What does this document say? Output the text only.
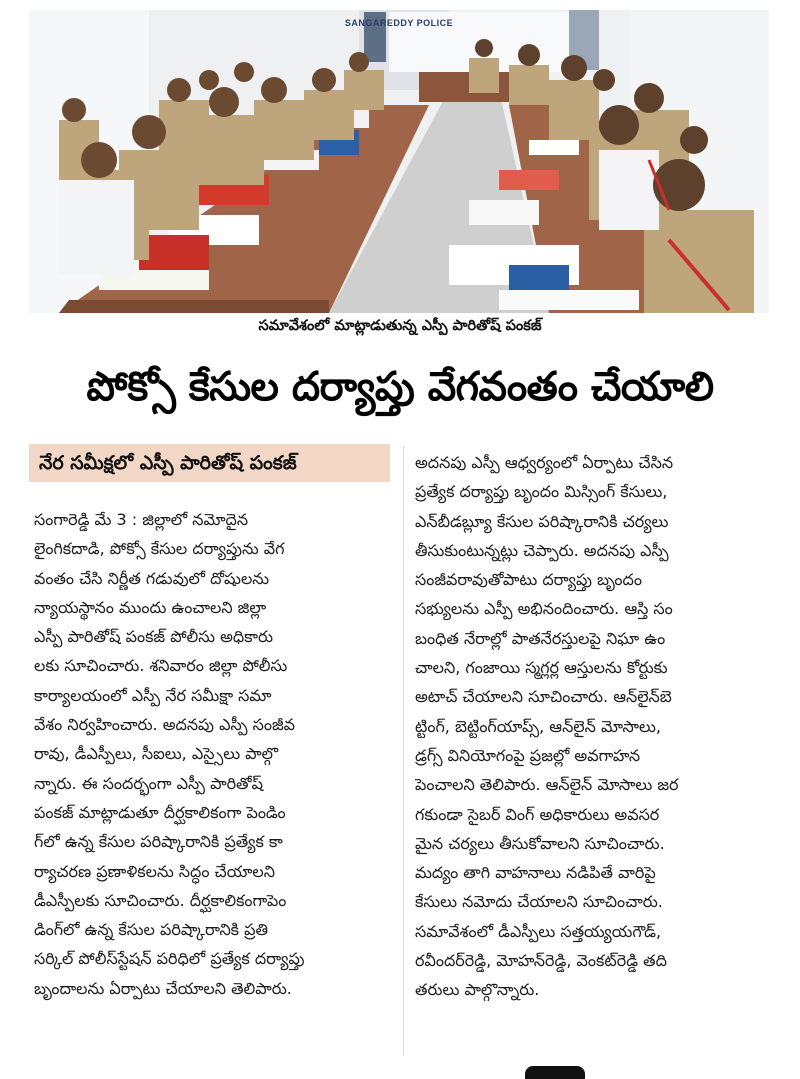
SANGAREDDY POLICE
సమావేశంలో మాట్లాడుతున్న ఎస్పీ పారితోష్ పంకజ్
పోక్సో కేసుల దర్యాప్తు వేగవంతం చేయాలి
నేర సమీక్షలో ఎస్పీ పారితోష్ పంకజ్
సంగారెడ్డి మే 3 : జిల్లాలో నమోదైన
లైంగికదాడి, పోక్సో కేసుల దర్యాప్తును వేగ
వంతం చేసి నిర్ణీత గడువులో దోషులను
న్యాయస్థానం ముందు ఉంచాలని జిల్లా
ఎస్పీ పారితోష్ పంకజ్ పోలీసు అధికారు
లకు సూచించారు. శనివారం జిల్లా పోలీసు
కార్యాలయంలో ఎస్పీ నేర సమీక్షా సమా
వేశం నిర్వహించారు. అదనపు ఎస్పీ సంజీవ
రావు, డీఎస్పీలు, సీఐలు, ఎస్సైలు పాల్గొ
న్నారు. ఈ సందర్భంగా ఎస్పీ పారితోష్
పంకజ్ మాట్లాడుతూ దీర్ఘకాలికంగా పెండిం
గ్‌లో ఉన్న కేసుల పరిష్కారానికి ప్రత్యేక కా
ర్యాచరణ ప్రణాళికలను సిద్ధం చేయాలని
డీఎస్పీలకు సూచించారు. దీర్ఘకాలికంగాపెం
డింగ్‌లో ఉన్న కేసుల పరిష్కారానికి ప్రతి
సర్కిల్ పోలీస్‌స్టేషన్ పరిధిలో ప్రత్యేక దర్యాప్తు
బృందాలను ఏర్పాటు చేయాలని తెలిపారు.
అదనపు ఎస్పీ ఆధ్వర్యంలో ఏర్పాటు చేసిన
ప్రత్యేక దర్యాప్తు బృందం మిస్సింగ్ కేసులు,
ఎన్‌బీడబ్ల్యూ కేసుల పరిష్కారానికి చర్యలు
తీసుకుంటున్నట్లు చెప్పారు. అదనపు ఎస్పీ
సంజీవరావుతోపాటు దర్యాప్తు బృందం
సభ్యులను ఎస్పీ అభినందించారు. ఆస్తి సం
బంధిత నేరాల్లో పాతనేరస్తులపై నిఘా ఉం
చాలని, గంజాయి స్మగ్లర్ల ఆస్తులను కోర్టుకు
అటాచ్ చేయాలని సూచించారు. ఆన్‌లైన్‌బె
ట్టింగ్, బెట్టింగ్‌యాప్స్, ఆన్‌లైన్ మోసాలు,
డ్రగ్స్ వినియోగంపై ప్రజల్లో అవగాహన
పెంచాలని తెలిపారు. ఆన్‌లైన్ మోసాలు జర
గకుండా సైబర్ వింగ్ అధికారులు అవసర
మైన చర్యలు తీసుకోవాలని సూచించారు.
మద్యం తాగి వాహనాలు నడిపితే వారిపై
కేసులు నమోదు చేయాలని సూచించారు.
సమావేశంలో డీఎస్పీలు సత్తయ్యయగౌడ్,
రవీందర్‌రెడ్డి, మోహన్‌రెడ్డి, వెంకట్‌రెడ్డి తది
తరులు పాల్గొన్నారు.
